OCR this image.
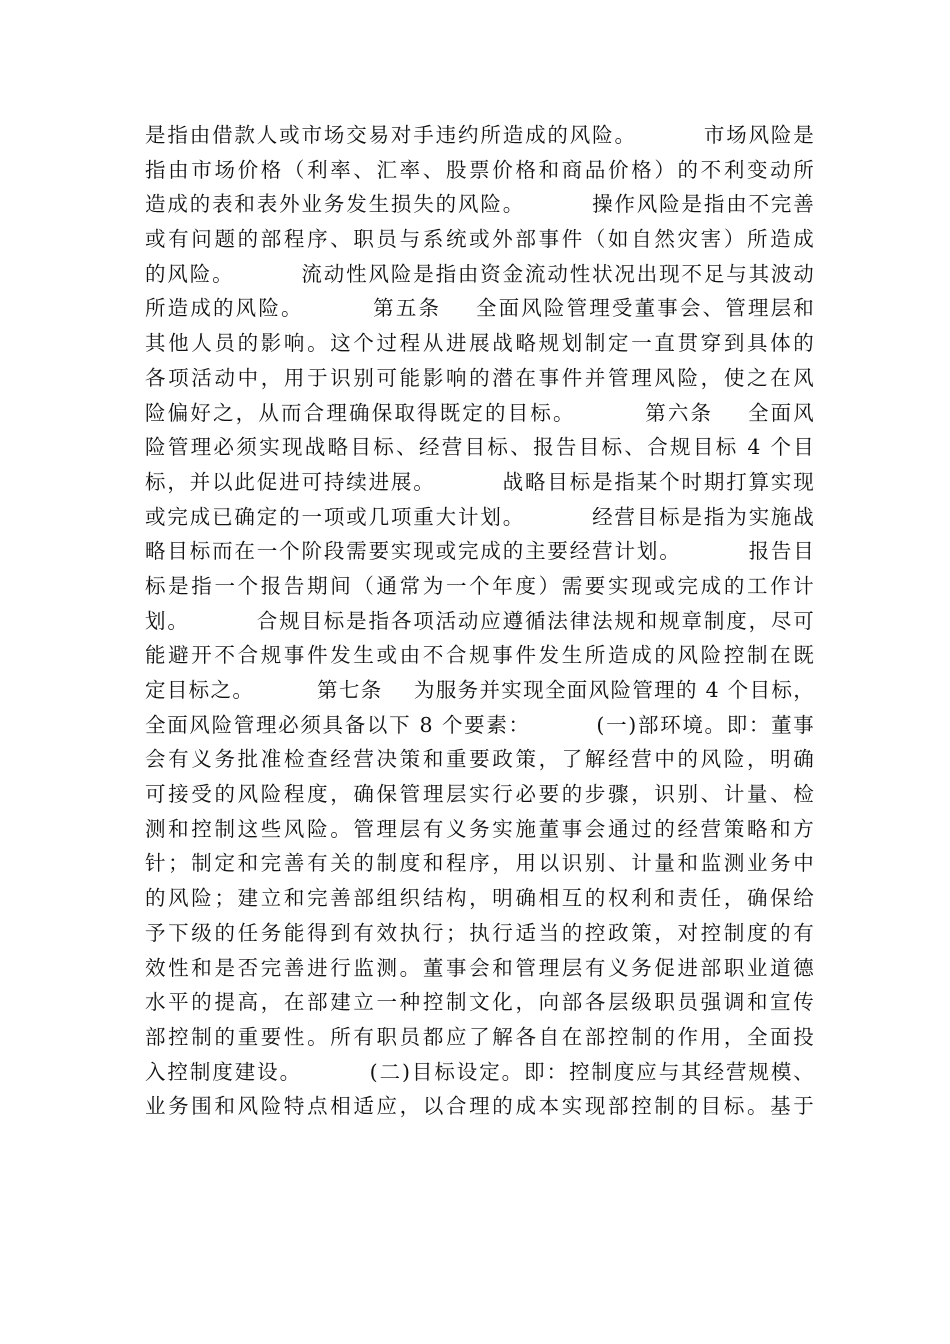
是指由借款人或市场交易对手违约所造成的风险。        市场风险是
指由市场价格（利率、汇率、股票价格和商品价格）的不利变动所
造成的表和表外业务发生损失的风险。        操作风险是指由不完善
或有问题的部程序、职员与系统或外部事件（如自然灾害）所造成
的风险。        流动性风险是指由资金流动性状况出现不足与其波动
所造成的风险。        第五条    全面风险管理受董事会、管理层和
其他人员的影响。这个过程从进展战略规划制定一直贯穿到具体的
各项活动中，用于识别可能影响的潜在事件并管理风险，使之在风
险偏好之，从而合理确保取得既定的目标。        第六条    全面风
险管理必须实现战略目标、经营目标、报告目标、合规目标 4 个目
标，并以此促进可持续进展。        战略目标是指某个时期打算实现
或完成已确定的一项或几项重大计划。        经营目标是指为实施战
略目标而在一个阶段需要实现或完成的主要经营计划。        报告目
标是指一个报告期间（通常为一个年度）需要实现或完成的工作计
划。        合规目标是指各项活动应遵循法律法规和规章制度，尽可
能避开不合规事件发生或由不合规事件发生所造成的风险控制在既
定目标之。        第七条    为服务并实现全面风险管理的 4 个目标，
全面风险管理必须具备以下 8 个要素：        (一)部环境。即：董事
会有义务批准检查经营决策和重要政策，了解经营中的风险，明确
可接受的风险程度，确保管理层实行必要的步骤，识别、计量、检
测和控制这些风险。管理层有义务实施董事会通过的经营策略和方
针；制定和完善有关的制度和程序，用以识别、计量和监测业务中
的风险；建立和完善部组织结构，明确相互的权利和责任，确保给
予下级的任务能得到有效执行；执行适当的控政策，对控制度的有
效性和是否完善进行监测。董事会和管理层有义务促进部职业道德
水平的提高，在部建立一种控制文化，向部各层级职员强调和宣传
部控制的重要性。所有职员都应了解各自在部控制的作用，全面投
入控制度建设。        (二)目标设定。即：控制度应与其经营规模、
业务围和风险特点相适应，以合理的成本实现部控制的目标。基于
